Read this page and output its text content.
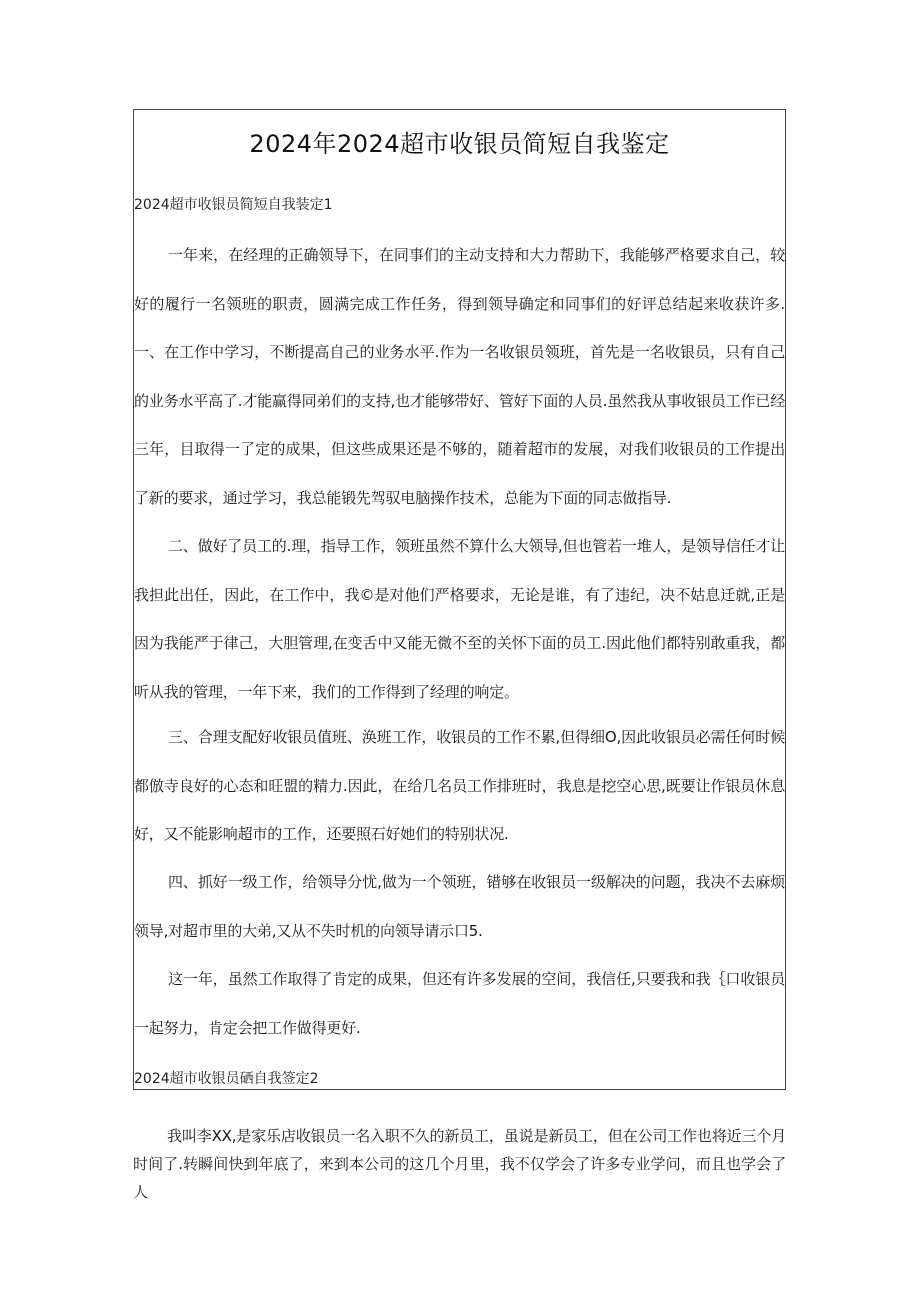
2024年2024超市收银员简短自我鉴定
2024超市收银员简短自我装定1

一年来，在经理的正确领导下，在同事们的主动支持和大力帮助下，我能够严格要求自己，较好的履行一名领班的职责，圆满完成工作任务，得到领导确定和同事们的好评总结起来收获许多.一、在工作中学习，不断提高自己的业务水平.作为一名收银员领班，首先是一名收银员，只有自己的业务水平高了.才能赢得同弟们的支持,也才能够带好、管好下面的人员.虽然我从事收银员工作已经三年，目取得一了定的成果，但这些成果还是不够的，随着超市的发展，对我们收银员的工作提出了新的要求，通过学习，我总能锻先驾驭电脑操作技术，总能为下面的同志做指导.

二、做好了员工的.理，指导工作，领班虽然不算什么大领导,但也管若一堆人，是领导信任才让我担此出任，因此，在工作中，我©是对他们严格要求，无论是谁，有了违纪，决不姑息迁就,正是因为我能严于律己，大胆管理,在变舌中又能无微不至的关怀下面的员工.因此他们都特别敢重我，都听从我的管理，一年下来，我们的工作得到了经理的响定。

三、合理支配好收银员值班、涣班工作，收银员的工作不累,但得细O,因此收银员必需任何时候都倣寺良好的心态和旺盟的精力.因此，在给几名员工作排班时，我息是挖空心思,既要让作银员休息好，又不能影响超市的工作，还要照石好她们的特别状况.

四、抓好一级工作，给领导分忧,做为一个领班，错够在收银员一级解决的问题，我决不去麻烦领导,对超市里的大弟,又从不失时机的向领导请示口5.

这一年，虽然工作取得了肯定的成果，但还有许多发展的空间，我信任,只要我和我｛口收银员一起努力，肯定会把工作做得更好.

2024超市收银员硒自我签定2

我叫李XX,是家乐店收银员一名入职不久的新员工，虽说是新员工，但在公司工作也将近三个月时间了.转瞬间快到年底了，来到本公司的这几个月里，我不仅学会了许多专业学问，而且也学会了人
